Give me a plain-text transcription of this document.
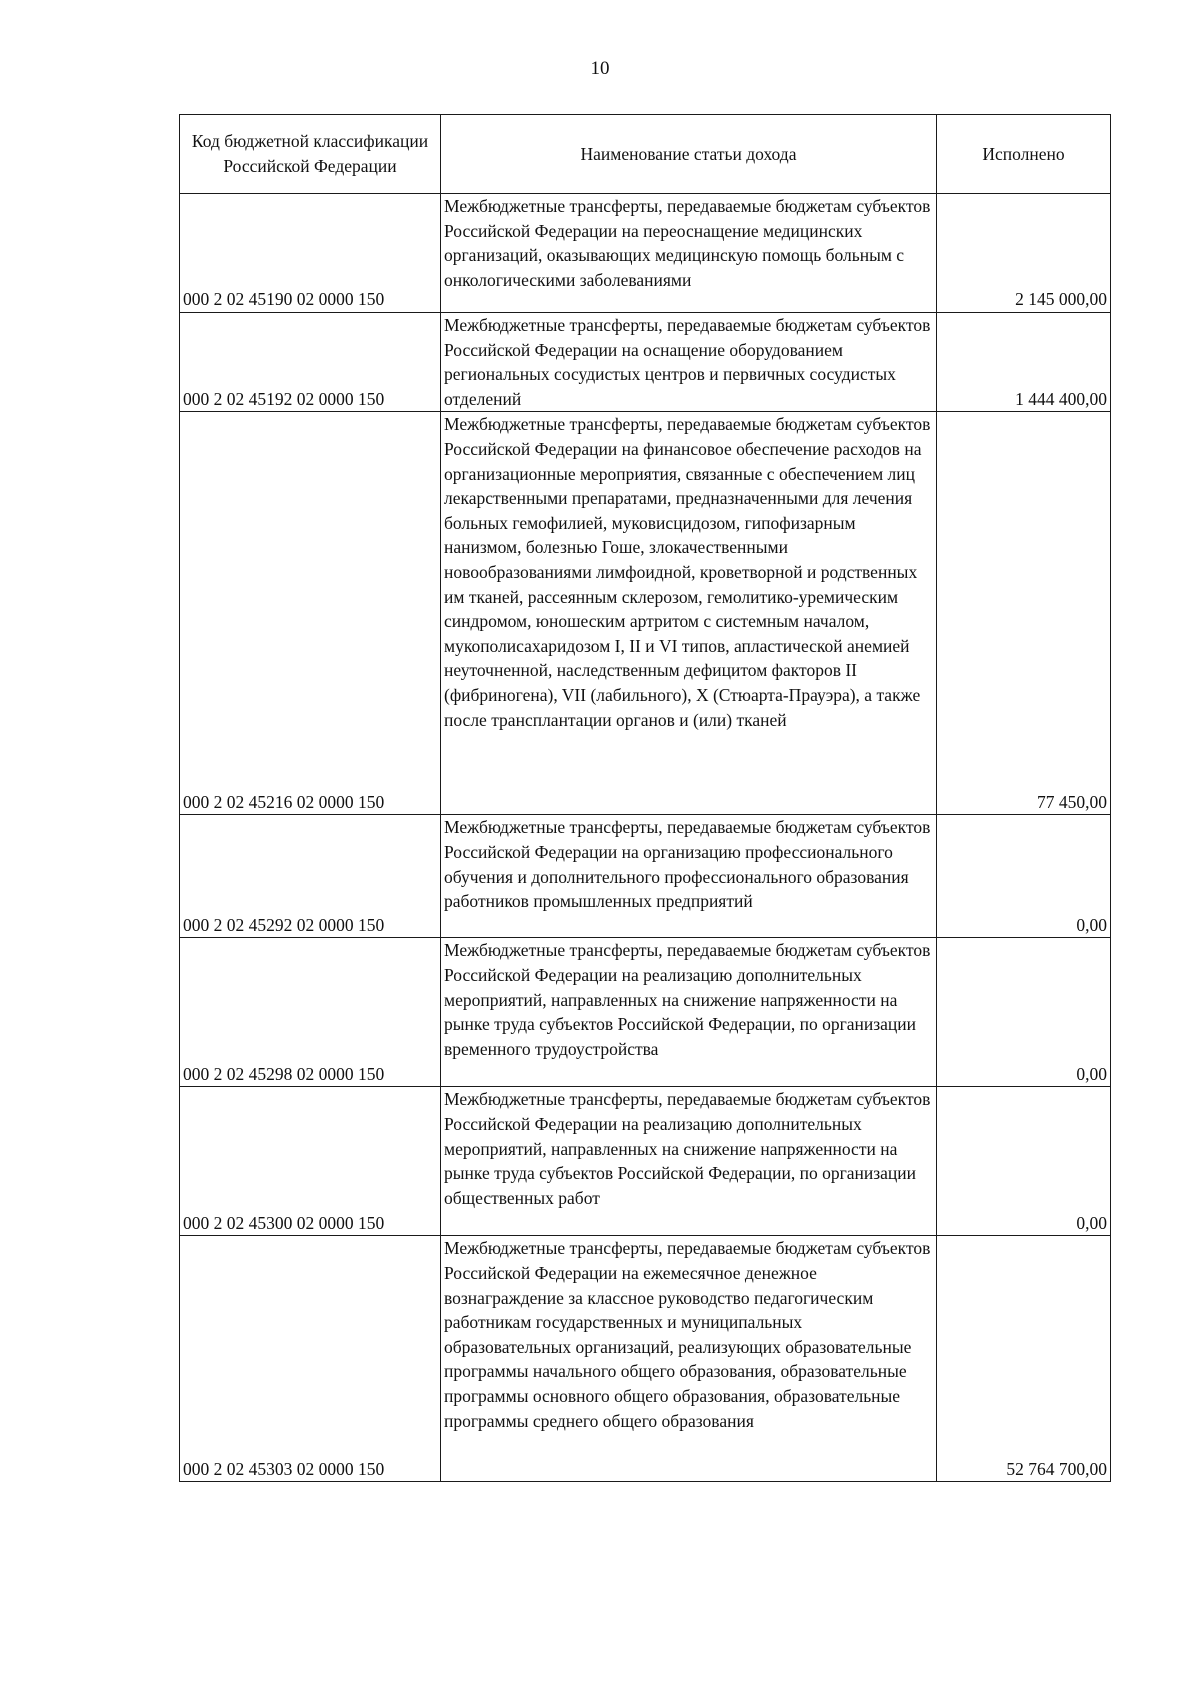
10
Код бюджетной классификации Российской Федерации	Наименование статьи дохода	Исполнено
000 2 02 45190 02 0000 150	Межбюджетные трансферты, передаваемые бюджетам субъектов Российской Федерации на переоснащение медицинских организаций, оказывающих медицинскую помощь больным с онкологическими заболеваниями	2 145 000,00
000 2 02 45192 02 0000 150	Межбюджетные трансферты, передаваемые бюджетам субъектов Российской Федерации на оснащение оборудованием региональных сосудистых центров и первичных сосудистых отделений	1 444 400,00
000 2 02 45216 02 0000 150	Межбюджетные трансферты, передаваемые бюджетам субъектов Российской Федерации на финансовое обеспечение расходов на организационные мероприятия, связанные с обеспечением лиц лекарственными препаратами, предназначенными для лечения больных гемофилией, муковисцидозом, гипофизарным нанизмом, болезнью Гоше, злокачественными новообразованиями лимфоидной, кроветворной и родственных им тканей, рассеянным склерозом, гемолитико-уремическим синдромом, юношеским артритом с системным началом, мукополисахаридозом I, II и VI типов, апластической анемией неуточненной, наследственным дефицитом факторов II (фибриногена), VII (лабильного), X (Стюарта-Прауэра), а также после трансплантации органов и (или) тканей	77 450,00
000 2 02 45292 02 0000 150	Межбюджетные трансферты, передаваемые бюджетам субъектов Российской Федерации на организацию профессионального обучения и дополнительного профессионального образования работников промышленных предприятий	0,00
000 2 02 45298 02 0000 150	Межбюджетные трансферты, передаваемые бюджетам субъектов Российской Федерации на реализацию дополнительных мероприятий, направленных на снижение напряженности на рынке труда субъектов Российской Федерации, по организации временного трудоустройства	0,00
000 2 02 45300 02 0000 150	Межбюджетные трансферты, передаваемые бюджетам субъектов Российской Федерации на реализацию дополнительных мероприятий, направленных на снижение напряженности на рынке труда субъектов Российской Федерации, по организации общественных работ	0,00
000 2 02 45303 02 0000 150	Межбюджетные трансферты, передаваемые бюджетам субъектов Российской Федерации на ежемесячное денежное вознаграждение за классное руководство педагогическим работникам государственных и муниципальных образовательных организаций, реализующих образовательные программы начального общего образования, образовательные программы основного общего образования, образовательные программы среднего общего образования	52 764 700,00
